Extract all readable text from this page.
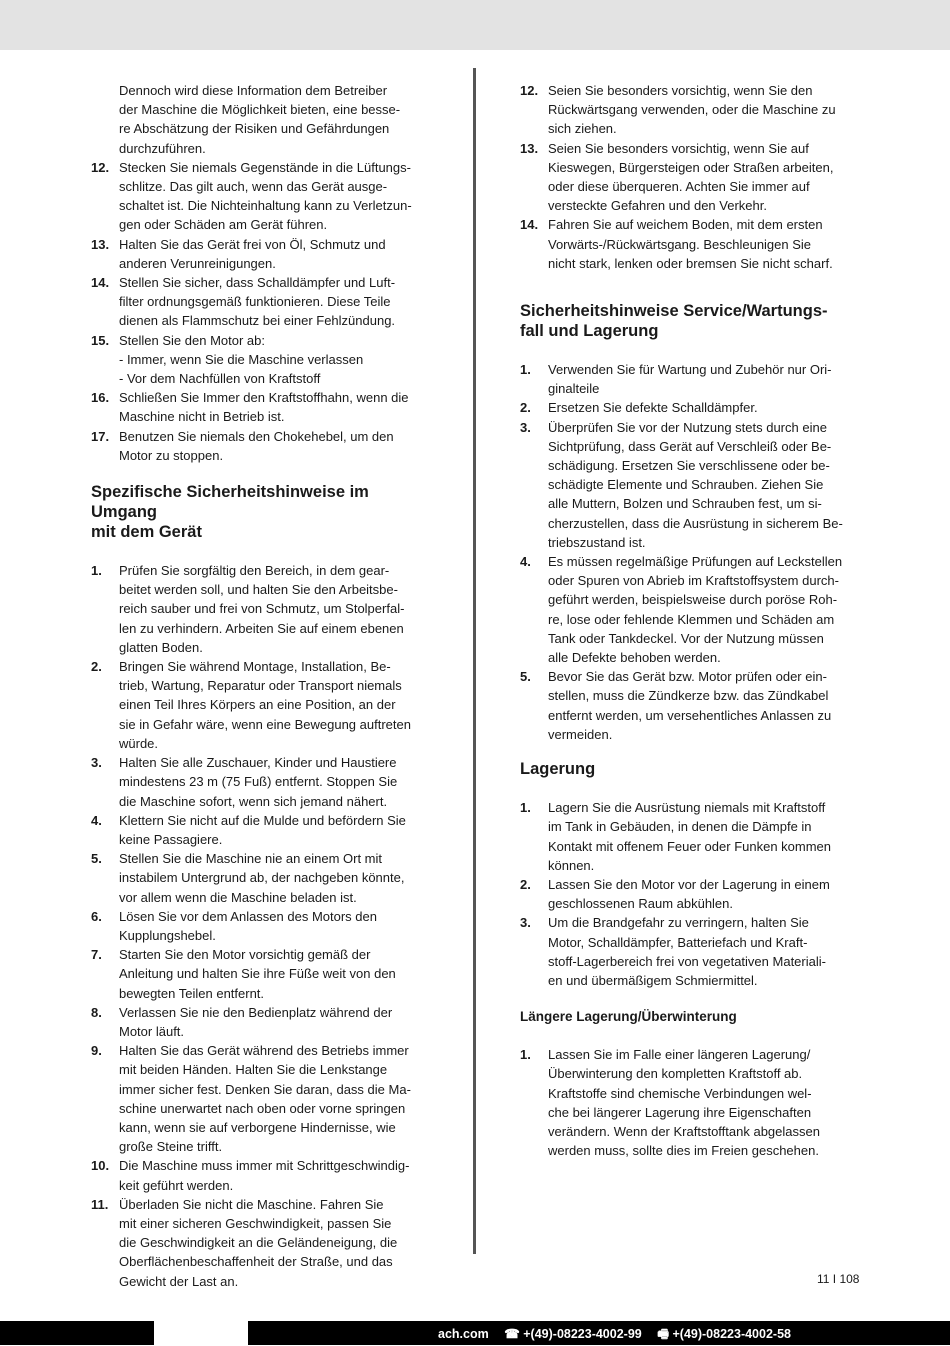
Dennoch wird diese Information dem Betreiber
der Maschine die Möglichkeit bieten, eine besse-
re Abschätzung der Risiken und Gefährdungen
durchzuführen.
12. Stecken Sie niemals Gegenstände in die Lüftungs-
schlitze. Das gilt auch, wenn das Gerät ausge-
schaltet ist. Die Nichteinhaltung kann zu Verletzun-
gen oder Schäden am Gerät führen.
13. Halten Sie das Gerät frei von Öl, Schmutz und
anderen Verunreinigungen.
14. Stellen Sie sicher, dass Schalldämpfer und Luft-
filter ordnungsgemäß funktionieren. Diese Teile
dienen als Flammschutz bei einer Fehlzündung.
15. Stellen Sie den Motor ab:
- Immer, wenn Sie die Maschine verlassen
- Vor dem Nachfüllen von Kraftstoff
16. Schließen Sie Immer den Kraftstoffhahn, wenn die
Maschine nicht in Betrieb ist.
17. Benutzen Sie niemals den Chokehebel, um den
Motor zu stoppen.
Spezifische Sicherheitshinweise im Umgang
mit dem Gerät
1. Prüfen Sie sorgfältig den Bereich, in dem gear-
beitet werden soll, und halten Sie den Arbeitsbe-
reich sauber und frei von Schmutz, um Stolperfal-
len zu verhindern. Arbeiten Sie auf einem ebenen
glatten Boden.
2. Bringen Sie während Montage, Installation, Be-
trieb, Wartung, Reparatur oder Transport niemals
einen Teil Ihres Körpers an eine Position, an der
sie in Gefahr wäre, wenn eine Bewegung auftreten
würde.
3. Halten Sie alle Zuschauer, Kinder und Haustiere
mindestens 23 m (75 Fuß) entfernt. Stoppen Sie
die Maschine sofort, wenn sich jemand nähert.
4. Klettern Sie nicht auf die Mulde und befördern Sie
keine Passagiere.
5. Stellen Sie die Maschine nie an einem Ort mit
instabilem Untergrund ab, der nachgeben könnte,
vor allem wenn die Maschine beladen ist.
6. Lösen Sie vor dem Anlassen des Motors den
Kupplungshebel.
7. Starten Sie den Motor vorsichtig gemäß der
Anleitung und halten Sie ihre Füße weit von den
bewegten Teilen entfernt.
8. Verlassen Sie nie den Bedienplatz während der
Motor läuft.
9. Halten Sie das Gerät während des Betriebs immer
mit beiden Händen. Halten Sie die Lenkstange
immer sicher fest. Denken Sie daran, dass die Ma-
schine unerwartet nach oben oder vorne springen
kann, wenn sie auf verborgene Hindernisse, wie
große Steine trifft.
10. Die Maschine muss immer mit Schrittgeschwindig-
keit geführt werden.
11. Überladen Sie nicht die Maschine. Fahren Sie
mit einer sicheren Geschwindigkeit, passen Sie
die Geschwindigkeit an die Geländeneigung, die
Oberflächenbeschaffenheit der Straße, und das
Gewicht der Last an.
12. Seien Sie besonders vorsichtig, wenn Sie den
Rückwärtsgang verwenden, oder die Maschine zu
sich ziehen.
13. Seien Sie besonders vorsichtig, wenn Sie auf
Kieswegen, Bürgersteigen oder Straßen arbeiten,
oder diese überqueren. Achten Sie immer auf
versteckte Gefahren und den Verkehr.
14. Fahren Sie auf weichem Boden, mit dem ersten
Vorwärts-/Rückwärtsgang. Beschleunigen Sie
nicht stark, lenken oder bremsen Sie nicht scharf.
Sicherheitshinweise Service/Wartungs-
fall und Lagerung
1. Verwenden Sie für Wartung und Zubehör nur Ori-
ginalteile
2. Ersetzen Sie defekte Schalldämpfer.
3. Überprüfen Sie vor der Nutzung stets durch eine
Sichtprüfung, dass Gerät auf Verschleiß oder Be-
schädigung. Ersetzen Sie verschlissene oder be-
schädigte Elemente und Schrauben. Ziehen Sie
alle Muttern, Bolzen und Schrauben fest, um si-
cherzustellen, dass die Ausrüstung in sicherem Be-
triebszustand ist.
4. Es müssen regelmäßige Prüfungen auf Leckstellen
oder Spuren von Abrieb im Kraftstoffsystem durch-
geführt werden, beispielsweise durch poröse Roh-
re, lose oder fehlende Klemmen und Schäden am
Tank oder Tankdeckel. Vor der Nutzung müssen
alle Defekte behoben werden.
5. Bevor Sie das Gerät bzw. Motor prüfen oder ein-
stellen, muss die Zündkerze bzw. das Zündkabel
entfernt werden, um versehentliches Anlassen zu
vermeiden.
Lagerung
1. Lagern Sie die Ausrüstung niemals mit Kraftstoff
im Tank in Gebäuden, in denen die Dämpfe in
Kontakt mit offenem Feuer oder Funken kommen
können.
2. Lassen Sie den Motor vor der Lagerung in einem
geschlossenen Raum abkühlen.
3. Um die Brandgefahr zu verringern, halten Sie
Motor, Schalldämpfer, Batteriefach und Kraft-
stoff-Lagerbereich frei von vegetativen Materiali-
en und übermäßigem Schmiermittel.
Längere Lagerung/Überwinterung
1. Lassen Sie im Falle einer längeren Lagerung/
Überwinterung den kompletten Kraftstoff ab.
Kraftstoffe sind chemische Verbindungen wel-
che bei längerer Lagerung ihre Eigenschaften
verändern. Wenn der Kraftstofftank abgelassen
werden muss, sollte dies im Freien geschehen.
11 I 108
ach.com ☎ +(49)-08223-4002-99 🖷 +(49)-08223-4002-58
